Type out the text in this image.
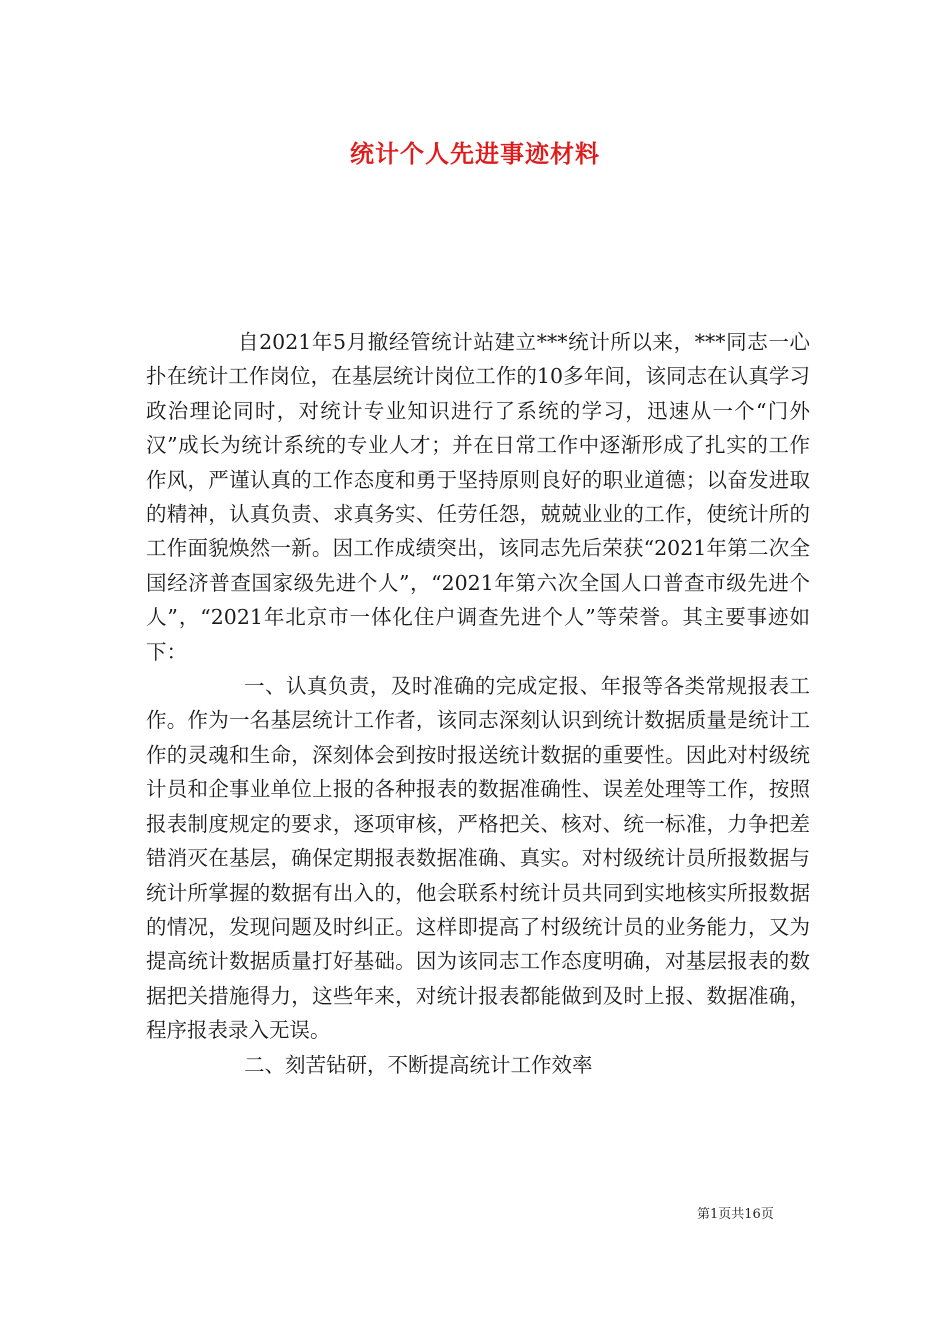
统计个人先进事迹材料

自2021年5月撤经管统计站建立***统计所以来，***同志一心扑在统计工作岗位，在基层统计岗位工作的10多年间，该同志在认真学习政治理论同时，对统计专业知识进行了系统的学习，迅速从一个“门外汉”成长为统计系统的专业人才；并在日常工作中逐渐形成了扎实的工作作风，严谨认真的工作态度和勇于坚持原则良好的职业道德；以奋发进取的精神，认真负责、求真务实、任劳任怨，兢兢业业的工作，使统计所的工作面貌焕然一新。因工作成绩突出，该同志先后荣获“2021年第二次全国经济普查国家级先进个人”，“2021年第六次全国人口普查市级先进个人”，“2021年北京市一体化住户调查先进个人”等荣誉。其主要事迹如下：

一、认真负责，及时准确的完成定报、年报等各类常规报表工作。作为一名基层统计工作者，该同志深刻认识到统计数据质量是统计工作的灵魂和生命，深刻体会到按时报送统计数据的重要性。因此对村级统计员和企事业单位上报的各种报表的数据准确性、误差处理等工作，按照报表制度规定的要求，逐项审核，严格把关、核对、统一标准，力争把差错消灭在基层，确保定期报表数据准确、真实。对村级统计员所报数据与统计所掌握的数据有出入的，他会联系村统计员共同到实地核实所报数据的情况，发现问题及时纠正。这样即提高了村级统计员的业务能力，又为提高统计数据质量打好基础。因为该同志工作态度明确，对基层报表的数据把关措施得力，这些年来，对统计报表都能做到及时上报、数据准确，程序报表录入无误。

二、刻苦钻研，不断提高统计工作效率

第1页共16页
